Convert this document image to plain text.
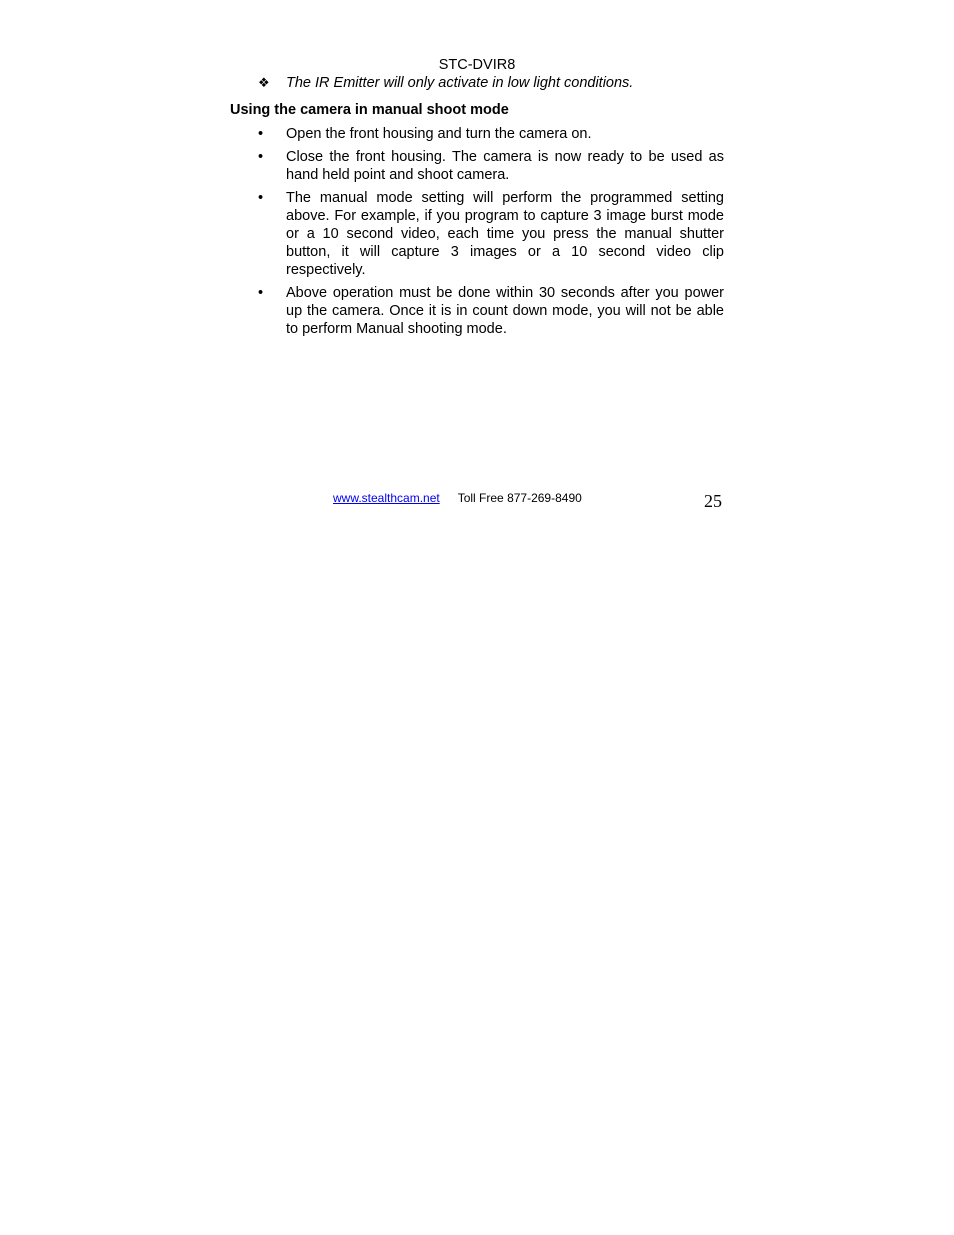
STC-DVIR8
❖ The IR Emitter will only activate in low light conditions.
Using the camera in manual shoot mode
•	Open the front housing and turn the camera on.
•	Close the front housing. The camera is now ready to be used as hand held point and shoot camera.
•	The manual mode setting will perform the programmed setting above. For example, if you program to capture 3 image burst mode or a 10 second video, each time you press the manual shutter button, it will capture 3 images or a 10 second video clip respectively.
•	Above operation must be done within 30 seconds after you power up the camera. Once it is in count down mode, you will not be able to perform Manual shooting mode.
www.stealthcam.net Toll Free 877-269-8490	25
